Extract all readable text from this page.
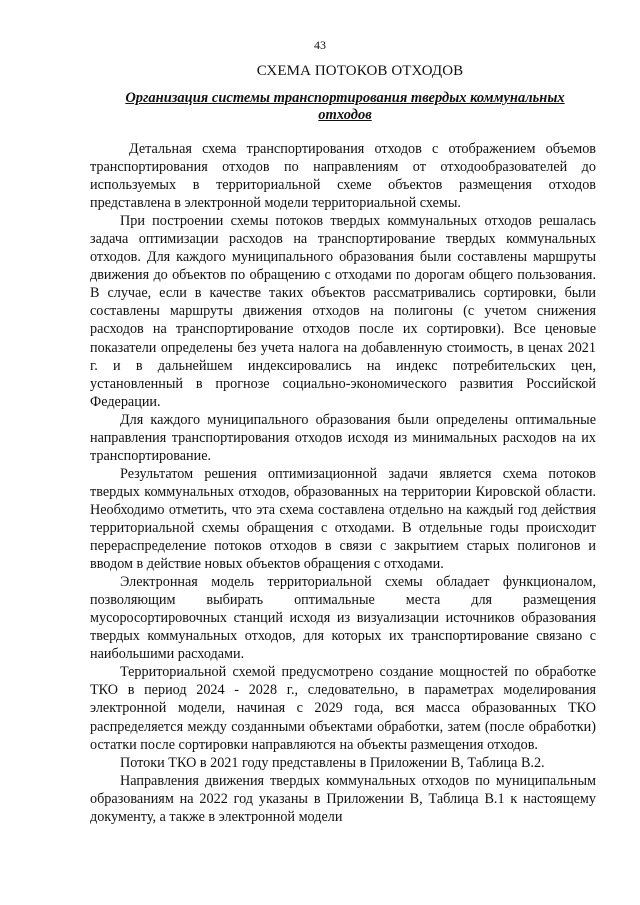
43
СХЕМА ПОТОКОВ ОТХОДОВ
Организация системы транспортирования твердых коммунальных отходов

Детальная схема транспортирования отходов с отображением объемов транспортирования отходов по направлениям от отходообразователей до используемых в территориальной схеме объектов размещения отходов представлена в электронной модели территориальной схемы.

При построении схемы потоков твердых коммунальных отходов решалась задача оптимизации расходов на транспортирование твердых коммунальных отходов. Для каждого муниципального образования были составлены маршруты движения до объектов по обращению с отходами по дорогам общего пользования. В случае, если в качестве таких объектов рассматривались сортировки, были составлены маршруты движения отходов на полигоны (с учетом снижения расходов на транспортирование отходов после их сортировки). Все ценовые показатели определены без учета налога на добавленную стоимость, в ценах 2021 г. и в дальнейшем индексировались на индекс потребительских цен, установленный в прогнозе социально-экономического развития Российской Федерации.

Для каждого муниципального образования были определены оптимальные направления транспортирования отходов исходя из минимальных расходов на их транспортирование.

Результатом решения оптимизационной задачи является схема потоков твердых коммунальных отходов, образованных на территории Кировской области. Необходимо отметить, что эта схема составлена отдельно на каждый год действия территориальной схемы обращения с отходами. В отдельные годы происходит перераспределение потоков отходов в связи с закрытием старых полигонов и вводом в действие новых объектов обращения с отходами.

Электронная модель территориальной схемы обладает функционалом, позволяющим выбирать оптимальные места для размещения мусоросортировочных станций исходя из визуализации источников образования твердых коммунальных отходов, для которых их транспортирование связано с наибольшими расходами.

Территориальной схемой предусмотрено создание мощностей по обработке ТКО в период 2024 - 2028 г., следовательно, в параметрах моделирования электронной модели, начиная с 2029 года, вся масса образованных ТКО распределяется между созданными объектами обработки, затем (после обработки) остатки после сортировки направляются на объекты размещения отходов.

Потоки ТКО в 2021 году представлены в Приложении В, Таблица В.2.

Направления движения твердых коммунальных отходов по муниципальным образованиям на 2022 год указаны в Приложении В, Таблица В.1 к настоящему документу, а также в электронной модели
